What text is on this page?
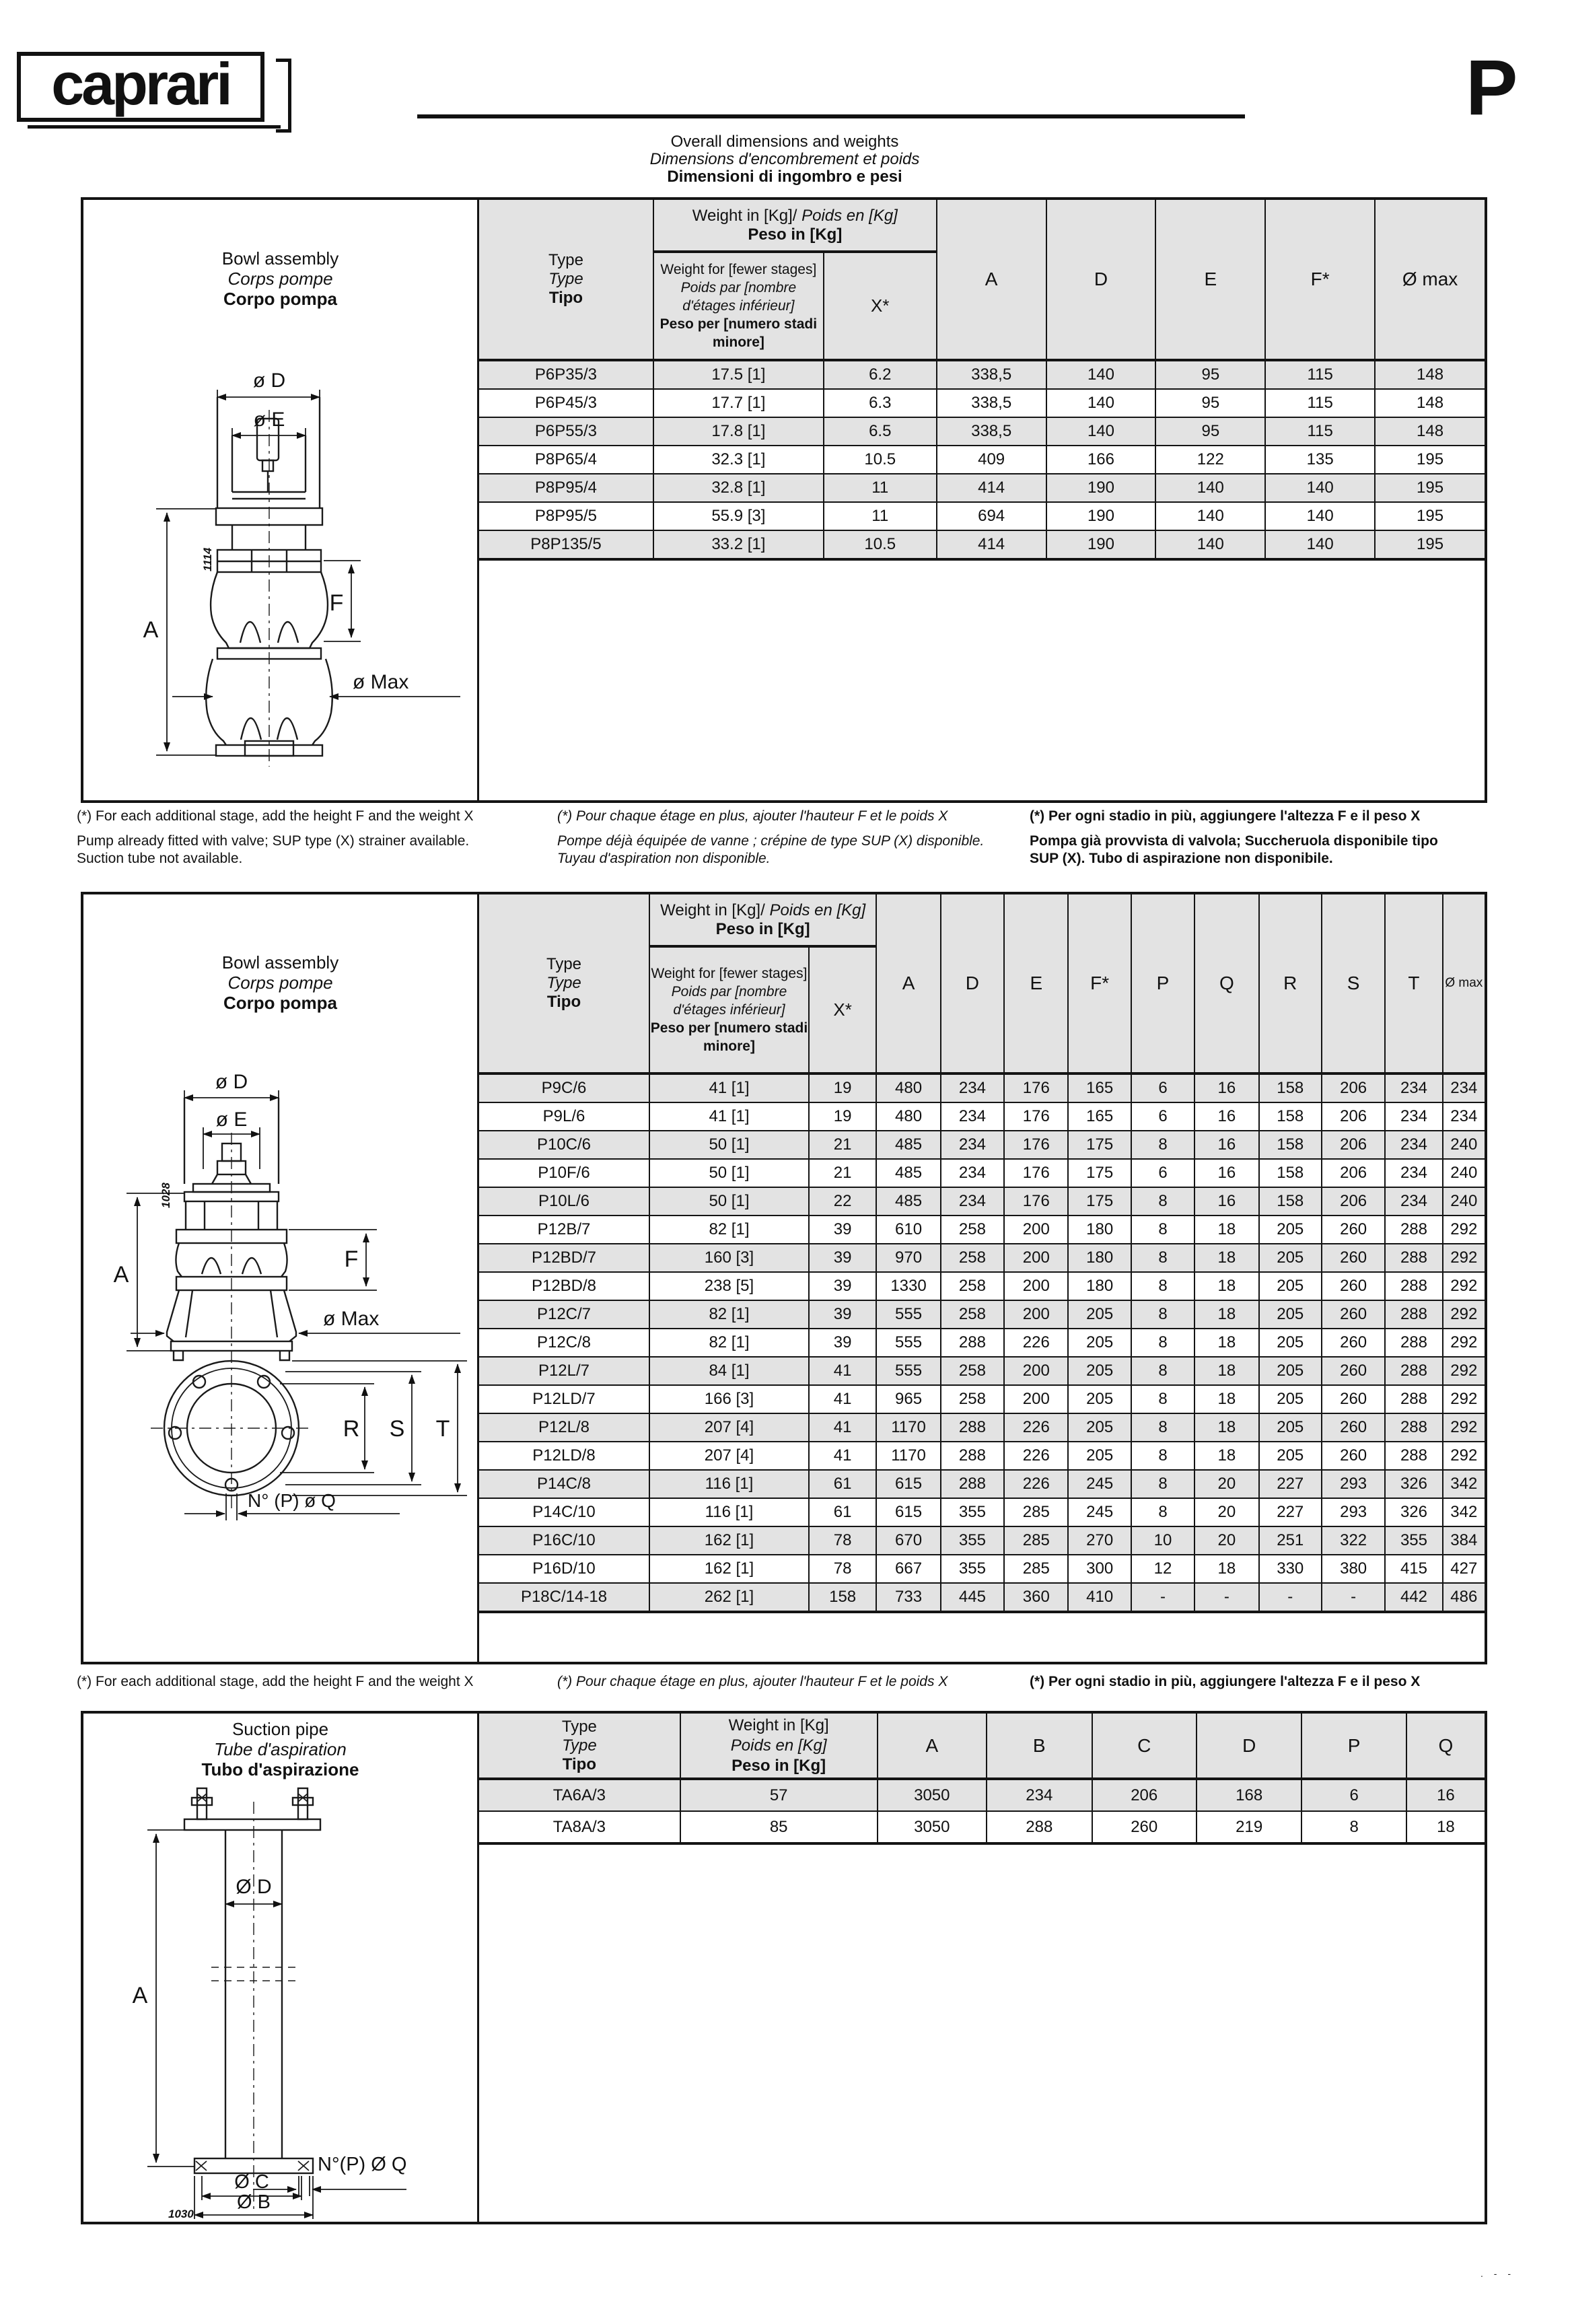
caprari	P
Overall dimensions and weights
Dimensions d'encombrement et poids
Dimensioni di ingombro e pesi
Bowl assembly
Corps pompe
Corpo pompa
ø D
ø E
A
F
ø Max
1114
Type
Type
Tipo

Weight in [Kg]/ Poids en [Kg]
Peso in [Kg]
	A	D	E	F*	Ø max

	Weight for [fewer stages]
Poids par [nombre d'étages inférieur]
Peso per [numero stadi minore]	X*					
P6P35/3	17.5 [1]	6.2	338,5	140	95	115	148
P6P45/3	17.7 [1]	6.3	338,5	140	95	115	148
P6P55/3	17.8 [1]	6.5	338,5	140	95	115	148
P8P65/4	32.3 [1]	10.5	409	166	122	135	195
P8P95/4	32.8 [1]	11	414	190	140	140	195
P8P95/5	55.9 [3]	11	694	190	140	140	195
P8P135/5	33.2 [1]	10.5	414	190	140	140	195
(*) For each additional stage, add the height F and the weight X
Pump already fitted with valve; SUP type (X) strainer available.
Suction tube not available.
(*) Pour chaque étage en plus, ajouter l'hauteur F et le poids X
Pompe déjà équipée de vanne ; crépine de type SUP (X) disponible.
Tuyau d'aspiration non disponible.
(*) Per ogni stadio in più, aggiungere l'altezza F e il peso X
Pompa già provvista di valvola; Succheruola disponibile tipo
SUP (X). Tubo di aspirazione non disponibile.
Bowl assembly
Corps pompe
Corpo pompa
ø D
ø E
A
F
ø Max
R S T
N° (P) ø Q
1028
Type
Type
Tipo

Weight in [Kg]/ Poids en [Kg]
Peso in [Kg]
	A	D	E	F*	P	Q	R	S	T	Ø max

	Weight for [fewer stages]
Poids par [nombre d'étages inférieur]
Peso per [numero stadi minore]	X*										
P9C/6	41 [1]	19	480	234	176	165	6	16	158	206	234	234
P9L/6	41 [1]	19	480	234	176	165	6	16	158	206	234	234
P10C/6	50 [1]	21	485	234	176	175	8	16	158	206	234	240
P10F/6	50 [1]	21	485	234	176	175	6	16	158	206	234	240
P10L/6	50 [1]	22	485	234	176	175	8	16	158	206	234	240
P12B/7	82 [1]	39	610	258	200	180	8	18	205	260	288	292
P12BD/7	160 [3]	39	970	258	200	180	8	18	205	260	288	292
P12BD/8	238 [5]	39	1330	258	200	180	8	18	205	260	288	292
P12C/7	82 [1]	39	555	258	200	205	8	18	205	260	288	292
P12C/8	82 [1]	39	555	288	226	205	8	18	205	260	288	292
P12L/7	84 [1]	41	555	258	200	205	8	18	205	260	288	292
P12LD/7	166 [3]	41	965	258	200	205	8	18	205	260	288	292
P12L/8	207 [4]	41	1170	288	226	205	8	18	205	260	288	292
P12LD/8	207 [4]	41	1170	288	226	205	8	18	205	260	288	292
P14C/8	116 [1]	61	615	288	226	245	8	20	227	293	326	342
P14C/10	116 [1]	61	615	355	285	245	8	20	227	293	326	342
P16C/10	162 [1]	78	670	355	285	270	10	20	251	322	355	384
P16D/10	162 [1]	78	667	355	285	300	12	18	330	380	415	427
P18C/14-18	262 [1]	158	733	445	360	410	-	-	-	-	442	486
(*) For each additional stage, add the height F and the weight X	(*) Pour chaque étage en plus, ajouter l'hauteur F et le poids X	(*) Per ogni stadio in più, aggiungere l'altezza F e il peso X
Suction pipe
Tube d'aspiration
Tubo d'aspirazione
Ø D
A
N°(P) Ø Q
Ø C
Ø B
1030
Type
Type
Tipo

Weight in [Kg]
Poids en [Kg]
Peso in [Kg]
	A	B	C	D	P	Q
TA6A/3	57	3050	234	206	168	6	16
TA8A/3	85	3050	288	260	219	8	18
. - -
